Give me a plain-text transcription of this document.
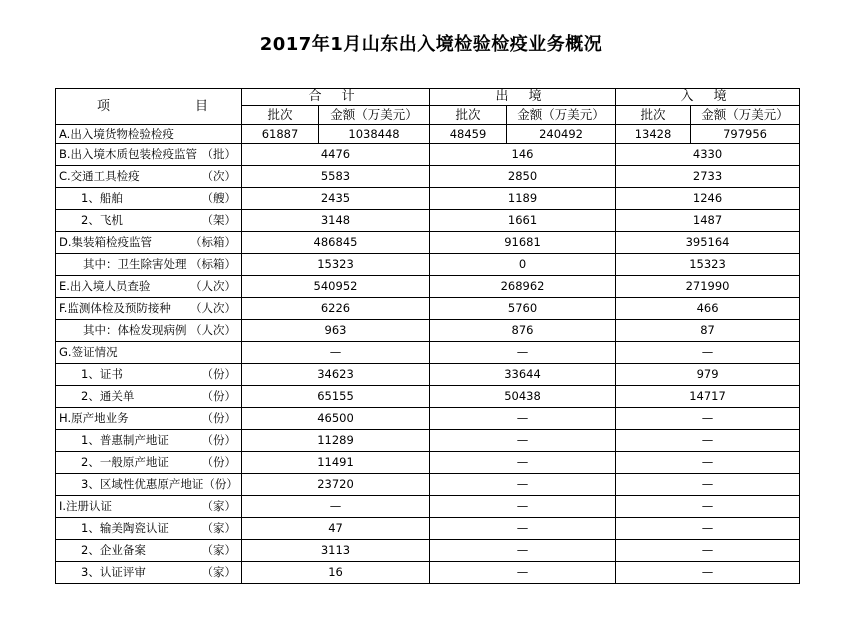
2017年1月山东出入境检验检疫业务概况
项 目	合 计		出 境		入 境	
	批次	金额（万美元）	批次	金额（万美元）	批次	金额（万美元）
A.出入境货物检验检疫	61887	1038448	48459	240492	13428	797956

B.出入境木质包装检疫监管 （批）	4476		146		4330	

C.交通工具检疫 （次）	5583		2850		2733	

1、船舶 （艘）	2435		1189		1246	

2、飞机 （架）	3148		1661		1487	

D.集装箱检疫监管 （标箱）	486845		91681		395164	

其中：卫生除害处理 （标箱）	15323		0		15323	

E.出入境人员查验 （人次）	540952		268962		271990	

F.监测体检及预防接种 （人次）	6226		5760		466	

其中：体检发现病例 （人次）	963		876		87	

G.签证情况	—		—		—	

1、证书 （份）	34623		33644		979	

2、通关单 （份）	65155		50438		14717	

H.原产地业务 （份）	46500		—		—	

1、普惠制产地证 （份）	11289		—		—	

2、一般原产地证 （份）	11491		—		—	

3、区域性优惠原产地证 （份）	23720		—		—	

I.注册认证 （家）	—		—		—	

1、输美陶瓷认证 （家）	47		—		—	

2、企业备案 （家）	3113		—		—	

3、认证评审 （家）	16		—		—	
